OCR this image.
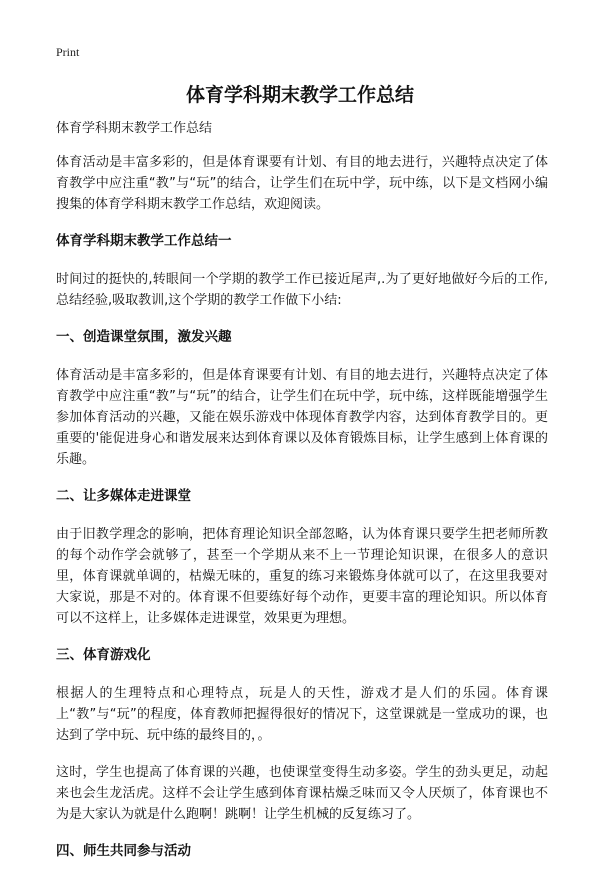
Print
体育学科期末教学工作总结

体育学科期末教学工作总结

体育活动是丰富多彩的，但是体育课要有计划、有目的地去进行，兴趣特点决定了体育教学中应注重“教”与“玩”的结合，让学生们在玩中学，玩中练，以下是文档网小编搜集的体育学科期末教学工作总结，欢迎阅读。

体育学科期末教学工作总结一

时间过的挺快的,转眼间一个学期的教学工作已接近尾声,.为了更好地做好今后的工作,总结经验,吸取教训,这个学期的教学工作做下小结:

一、创造课堂氛围，激发兴趣

体育活动是丰富多彩的，但是体育课要有计划、有目的地去进行，兴趣特点决定了体育教学中应注重“教”与“玩”的结合，让学生们在玩中学，玩中练，这样既能增强学生参加体育活动的兴趣，又能在娱乐游戏中体现体育教学内容，达到体育教学目的。更重要的'能促进身心和谐发展来达到体育课以及体育锻炼目标，让学生感到上体育课的乐趣。

二、让多媒体走进课堂

由于旧教学理念的影响，把体育理论知识全部忽略，认为体育课只要学生把老师所教的每个动作学会就够了，甚至一个学期从来不上一节理论知识课，在很多人的意识里，体育课就单调的，枯燥无味的，重复的练习来锻炼身体就可以了，在这里我要对大家说，那是不对的。体育课不但要练好每个动作，更要丰富的理论知识。所以体育可以不这样上，让多媒体走进课堂，效果更为理想。

三、体育游戏化

根据人的生理特点和心理特点，玩是人的天性，游戏才是人们的乐园。体育课上“教”与“玩”的程度，体育教师把握得很好的情况下，这堂课就是一堂成功的课，也达到了学中玩、玩中练的最终目的，。

这时，学生也提高了体育课的兴趣，也使课堂变得生动多姿。学生的劲头更足，动起来也会生龙活虎。这样不会让学生感到体育课枯燥乏味而又令人厌烦了，体育课也不为是大家认为就是什么跑啊！跳啊！让学生机械的反复练习了。

四、师生共同参与活动
